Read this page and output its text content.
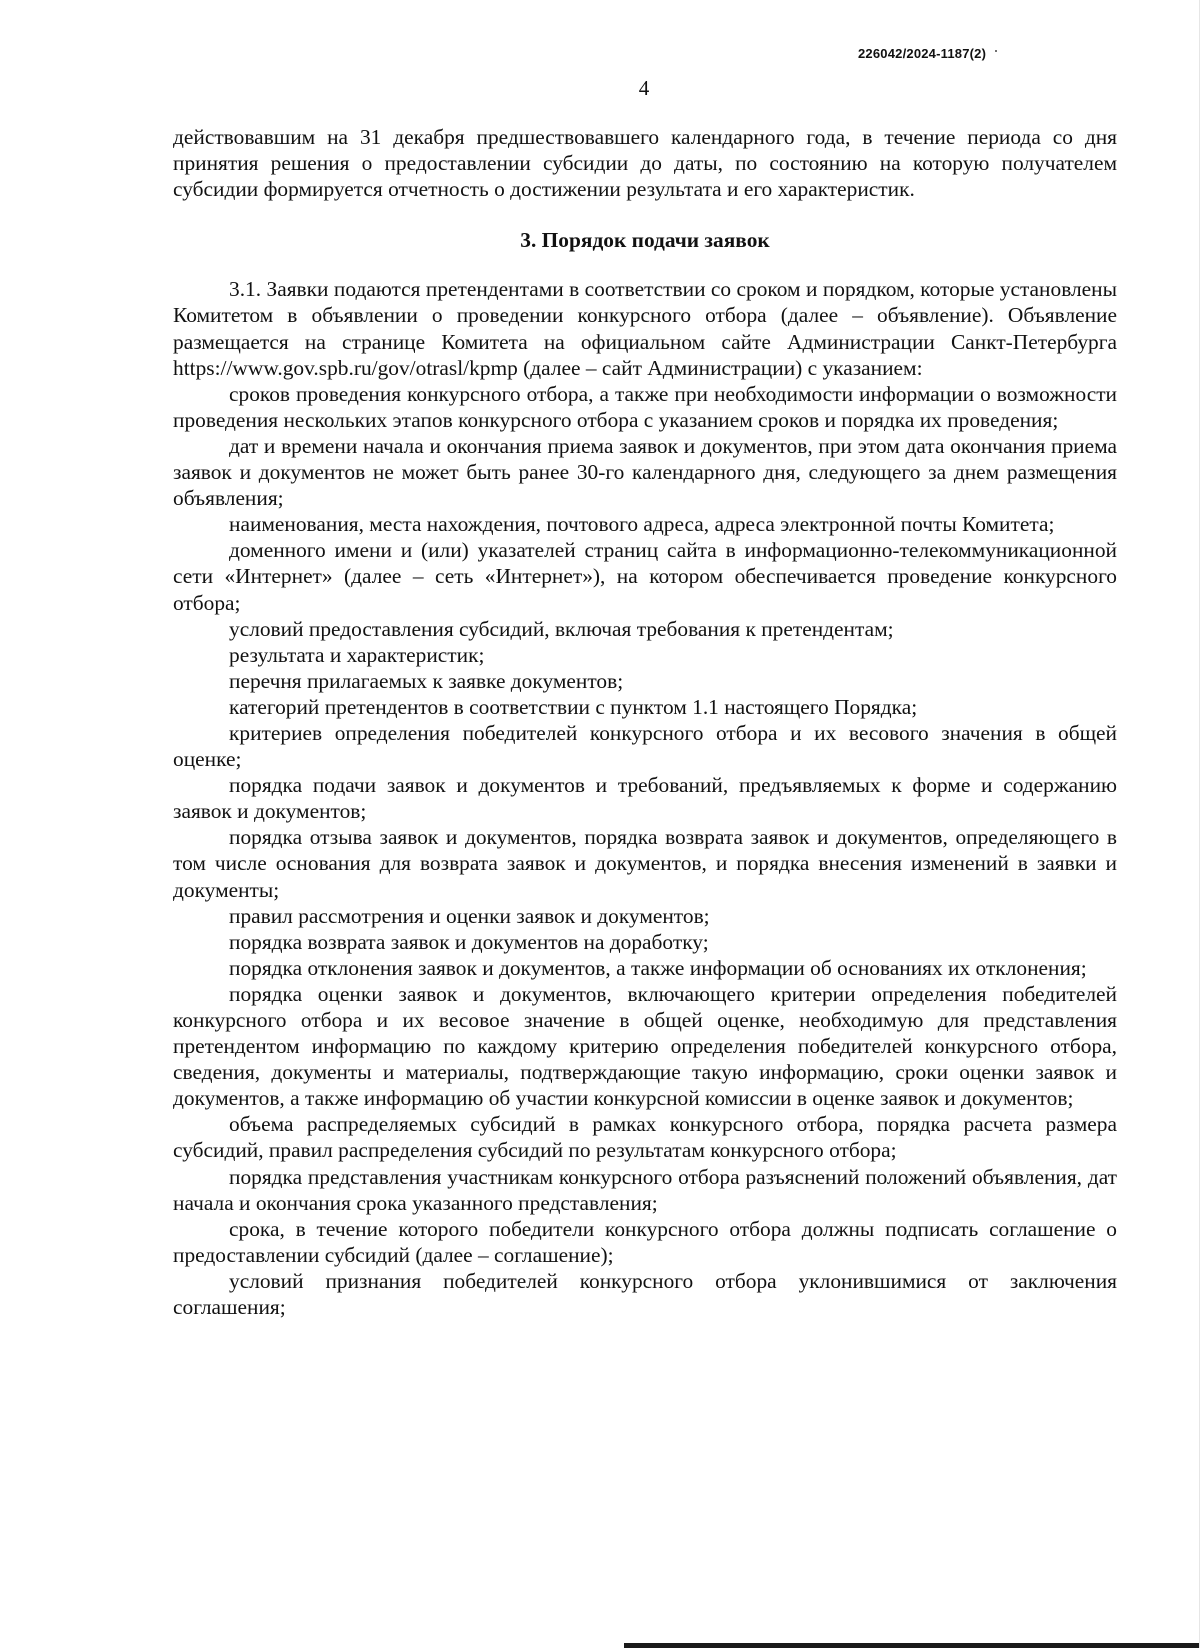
226042/2024-1187(2)
4

действовавшим на 31 декабря предшествовавшего календарного года, в течение периода со дня принятия решения о предоставлении субсидии до даты, по состоянию на которую получателем субсидии формируется отчетность о достижении результата и его характеристик.

3. Порядок подачи заявок

3.1. Заявки подаются претендентами в соответствии со сроком и порядком, которые установлены Комитетом в объявлении о проведении конкурсного отбора (далее – объявление). Объявление размещается на странице Комитета на официальном сайте Администрации Санкт-Петербурга https://www.gov.spb.ru/gov/otrasl/kpmp (далее – сайт Администрации) с указанием:

сроков проведения конкурсного отбора, а также при необходимости информации о возможности проведения нескольких этапов конкурсного отбора с указанием сроков и порядка их проведения;

дат и времени начала и окончания приема заявок и документов, при этом дата окончания приема заявок и документов не может быть ранее 30-го календарного дня, следующего за днем размещения объявления;

наименования, места нахождения, почтового адреса, адреса электронной почты Комитета;

доменного имени и (или) указателей страниц сайта в информационно-телекоммуникационной сети «Интернет» (далее – сеть «Интернет»), на котором обеспечивается проведение конкурсного отбора;

условий предоставления субсидий, включая требования к претендентам;

результата и характеристик;

перечня прилагаемых к заявке документов;

категорий претендентов в соответствии с пунктом 1.1 настоящего Порядка;

критериев определения победителей конкурсного отбора и их весового значения в общей оценке;

порядка подачи заявок и документов и требований, предъявляемых к форме и содержанию заявок и документов;

порядка отзыва заявок и документов, порядка возврата заявок и документов, определяющего в том числе основания для возврата заявок и документов, и порядка внесения изменений в заявки и документы;

правил рассмотрения и оценки заявок и документов;

порядка возврата заявок и документов на доработку;

порядка отклонения заявок и документов, а также информации об основаниях их отклонения;

порядка оценки заявок и документов, включающего критерии определения победителей конкурсного отбора и их весовое значение в общей оценке, необходимую для представления претендентом информацию по каждому критерию определения победителей конкурсного отбора, сведения, документы и материалы, подтверждающие такую информацию, сроки оценки заявок и документов, а также информацию об участии конкурсной комиссии в оценке заявок и документов;

объема распределяемых субсидий в рамках конкурсного отбора, порядка расчета размера субсидий, правил распределения субсидий по результатам конкурсного отбора;

порядка представления участникам конкурсного отбора разъяснений положений объявления, дат начала и окончания срока указанного представления;

срока, в течение которого победители конкурсного отбора должны подписать соглашение о предоставлении субсидий (далее – соглашение);

условий признания победителей конкурсного отбора уклонившимися от заключения соглашения;
